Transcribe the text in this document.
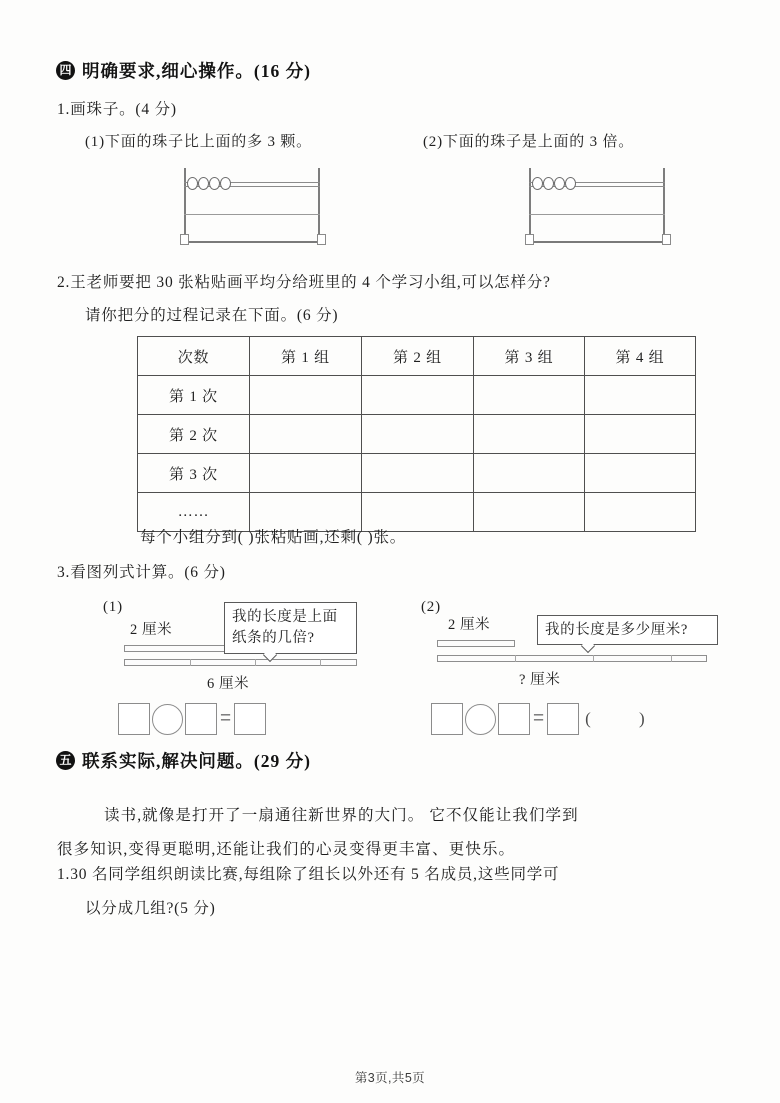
四 明确要求,细心操作。(16 分)
1.画珠子。(4 分)
(1)下面的珠子比上面的多 3 颗。	(2)下面的珠子是上面的 3 倍。
2.王老师要把 30 张粘贴画平均分给班里的 4 个学习小组,可以怎样分?
请你把分的过程记录在下面。(6 分)
次数	第 1 组	第 2 组	第 3 组	第 4 组
第 1 次				
第 2 次				
第 3 次				
……				
每个小组分到( )张粘贴画,还剩( )张。
3.看图列式计算。(6 分)
(1)
2 厘米
6 厘米
我的长度是上面纸条的几倍?
(2)
2 厘米
? 厘米
我的长度是多少厘米?
=	= ( )
五 联系实际,解决问题。(29 分)
读书,就像是打开了一扇通往新世界的大门。 它不仅能让我们学到
很多知识,变得更聪明,还能让我们的心灵变得更丰富、更快乐。
1.30 名同学组织朗读比赛,每组除了组长以外还有 5 名成员,这些同学可
以分成几组?(5 分)
第3页,共5页
